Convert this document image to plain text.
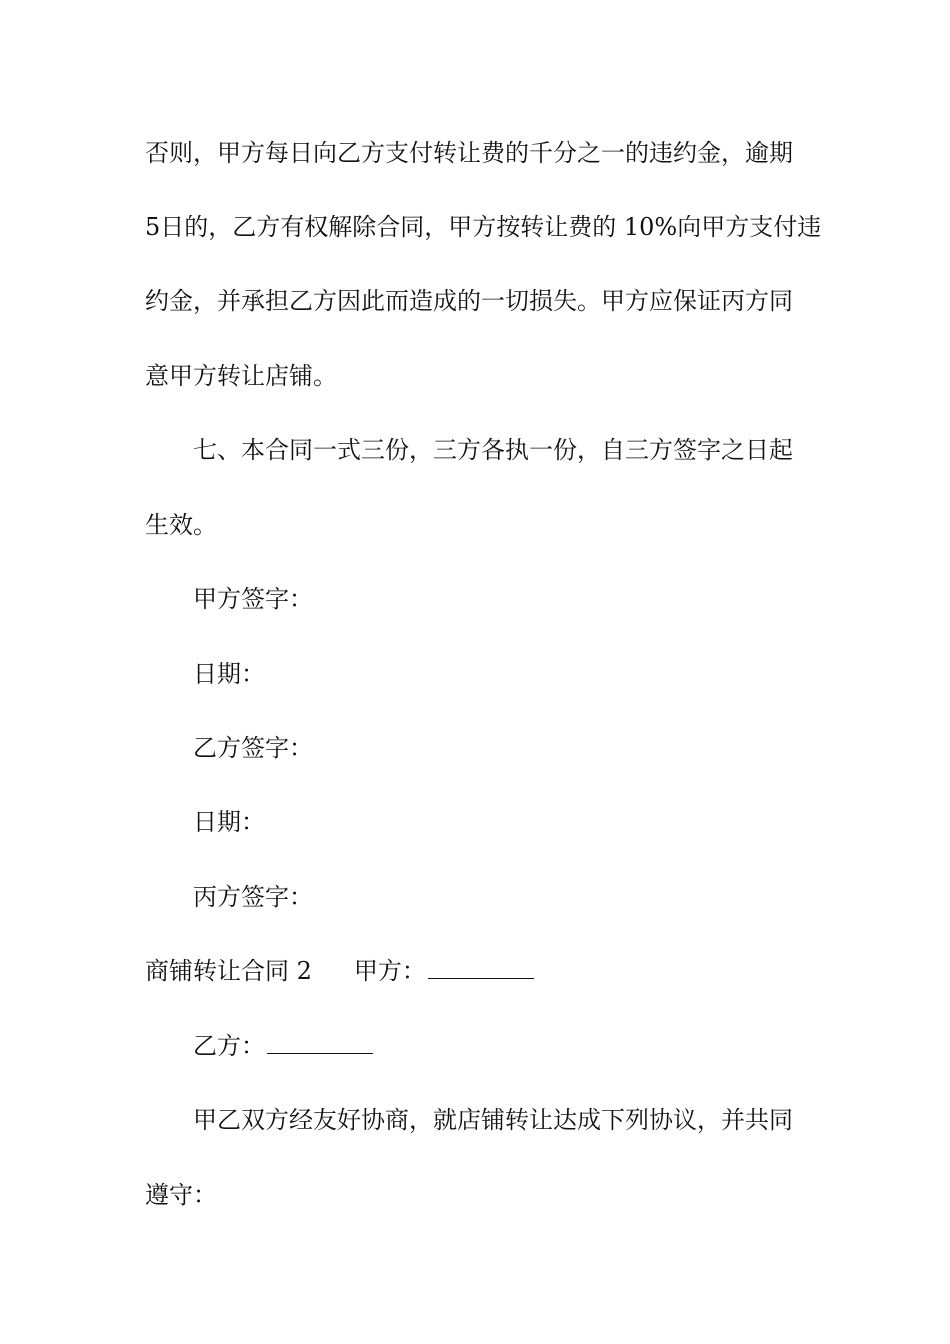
否则，甲方每日向乙方支付转让费的千分之一的违约金，逾期
5日的，乙方有权解除合同，甲方按转让费的 10%向甲方支付违
约金，并承担乙方因此而造成的一切损失。甲方应保证丙方同
意甲方转让店铺。
七、本合同一式三份，三方各执一份，自三方签字之日起
生效。
甲方签字：
日期：
乙方签字：
日期：
丙方签字：
商铺转让合同 2 甲方：
乙方：
甲乙双方经友好协商，就店铺转让达成下列协议，并共同
遵守：
